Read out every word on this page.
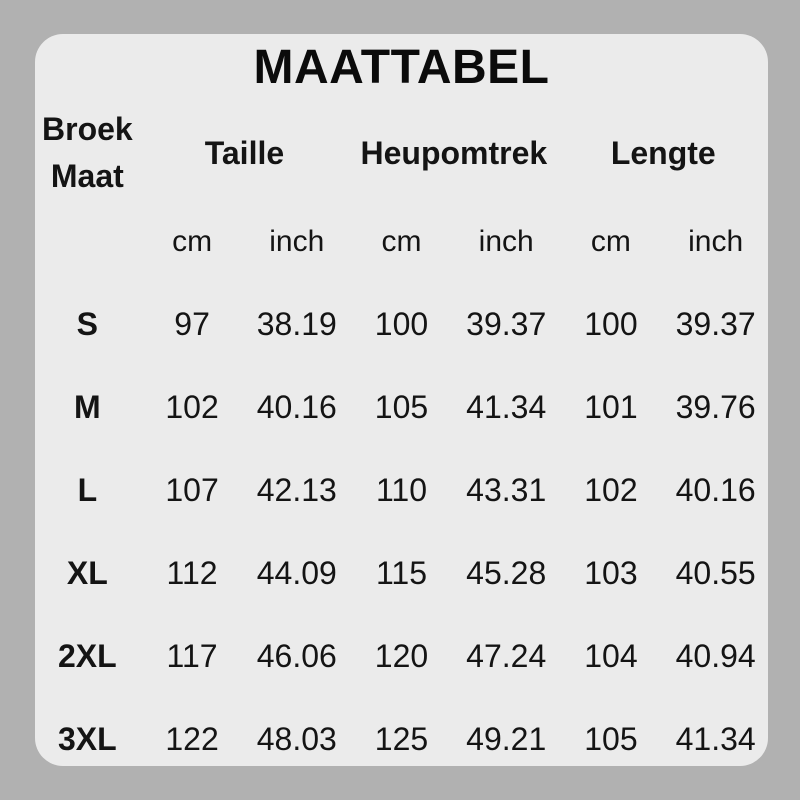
MAATTABEL
Broek
Maat
Taille Heupomtrek Lengte
cm inch cm inch cm inch
S 97 38.19 100 39.37 100 39.37
M 102 40.16 105 41.34 101 39.76
L 107 42.13 110 43.31 102 40.16
XL 112 44.09 115 45.28 103 40.55
2XL 117 46.06 120 47.24 104 40.94
3XL 122 48.03 125 49.21 105 41.34
